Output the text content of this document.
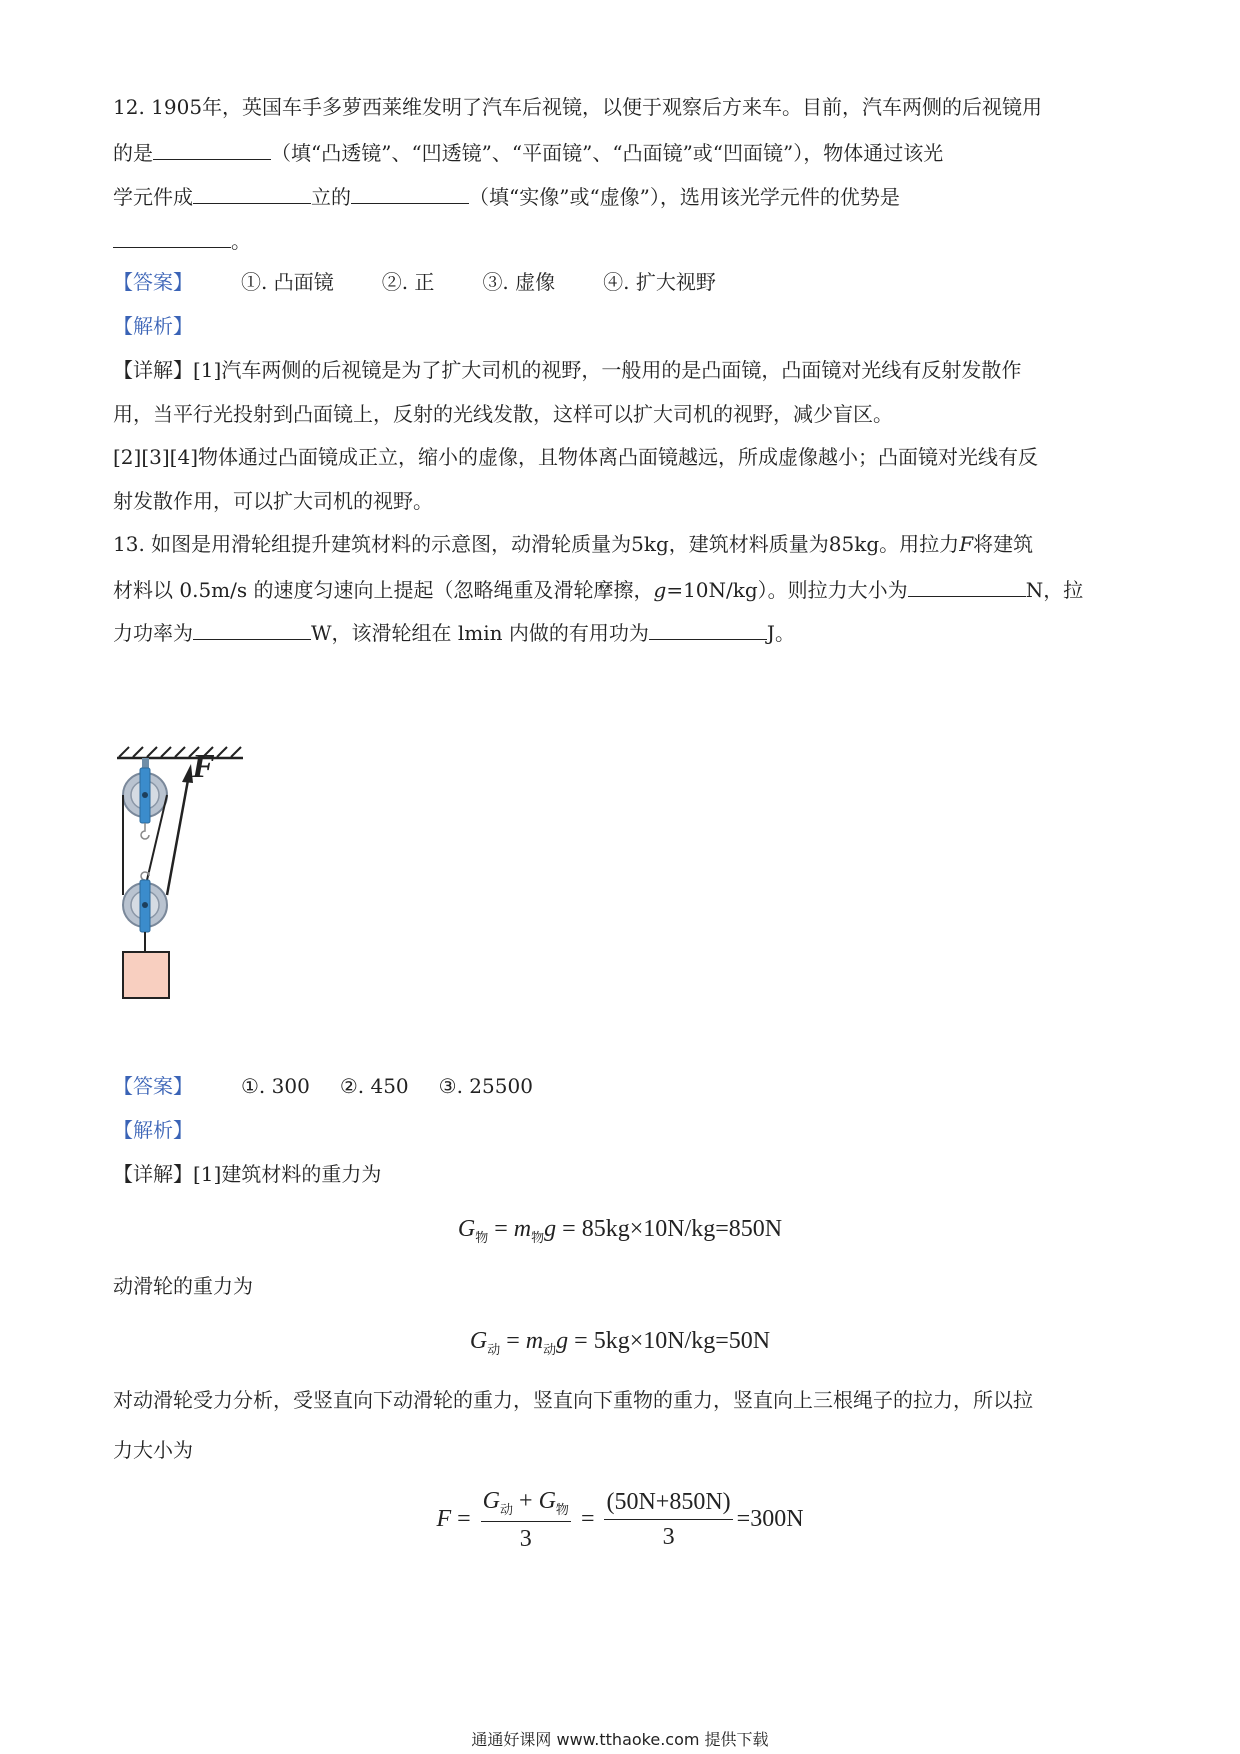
12. 1905年，英国车手多萝西莱维发明了汽车后视镜，以便于观察后方来车。目前，汽车两侧的后视镜用
的是	（填“凸透镜”、“凹透镜”、“平面镜”、“凸面镜”或“凹面镜”），物体通过该光
学元件成	立的	（填“实像”或“虚像”），选用该光学元件的优势是
。
【答案】 ①. 凸面镜 ②. 正 ③. 虚像 ④. 扩大视野
【解析】
【详解】[1]汽车两侧的后视镜是为了扩大司机的视野，一般用的是凸面镜，凸面镜对光线有反射发散作
用，当平行光投射到凸面镜上，反射的光线发散，这样可以扩大司机的视野，减少盲区。
[2][3][4]物体通过凸面镜成正立，缩小的虚像，且物体离凸面镜越远，所成虚像越小；凸面镜对光线有反
射发散作用，可以扩大司机的视野。
13. 如图是用滑轮组提升建筑材料的示意图，动滑轮质量为5kg，建筑材料质量为85kg。用拉力F将建筑
材料以 0.5m/s 的速度匀速向上提起（忽略绳重及滑轮摩擦，g=10N/kg）。则拉力大小为	N，拉
力功率为	W，该滑轮组在 lmin 内做的有用功为	J。
F
【答案】 ①. 300 ②. 450 ③. 25500
【解析】
【详解】[1]建筑材料的重力为
$G_物 = m_物g = 85kg\times 10N/kg=850N$
动滑轮的重力为
$G_动 = m_动g = 5kg\times 10N/kg=50N$
对动滑轮受力分析，受竖直向下动滑轮的重力，竖直向下重物的重力，竖直向上三根绳子的拉力，所以拉
力大小为
$F = \frac{G_动 + G_物}{3} = \frac{(50N+850N)}{3} =300N$
通通好课网 www.tthaoke.com 提供下载
